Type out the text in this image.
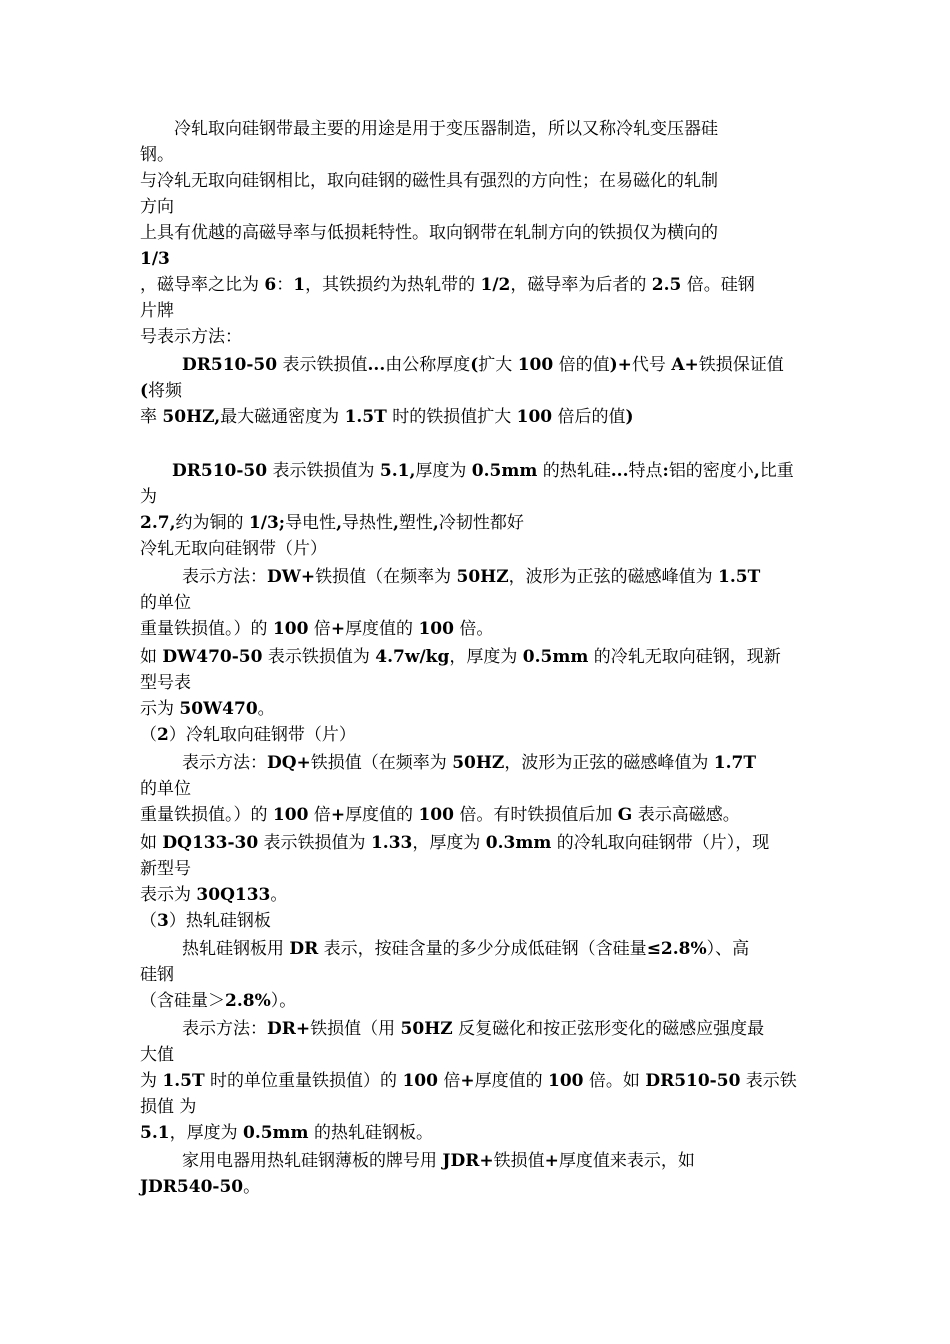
冷轧取向硅钢带最主要的用途是用于变压器制造，所以又称冷轧变压器硅
钢。
与冷轧无取向硅钢相比，取向硅钢的磁性具有强烈的方向性；在易磁化的轧制
方向
上具有优越的高磁导率与低损耗特性。取向钢带在轧制方向的铁损仅为横向的
1/3
，磁导率之比为 6：1，其铁损约为热轧带的 1/2，磁导率为后者的 2.5 倍。硅钢
片牌
号表示方法：
DR510-50 表示铁损值...由公称厚度(扩大 100 倍的值)+代号 A+铁损保证值
(将频
率 50HZ,最大磁通密度为 1.5T 时的铁损值扩大 100 倍后的值)
DR510-50 表示铁损值为 5.1,厚度为 0.5mm 的热轧硅...特点:铝的密度小,比重
为
2.7,约为铜的 1/3;导电性,导热性,塑性,冷韧性都好
冷轧无取向硅钢带（片）
表示方法：DW+铁损值（在频率为 50HZ，波形为正弦的磁感峰值为 1.5T
的单位
重量铁损值。）的 100 倍+厚度值的 100 倍。
如 DW470-50 表示铁损值为 4.7w/kg，厚度为 0.5mm 的冷轧无取向硅钢，现新
型号表
示为 50W470。
（2）冷轧取向硅钢带（片）
表示方法：DQ+铁损值（在频率为 50HZ，波形为正弦的磁感峰值为 1.7T
的单位
重量铁损值。）的 100 倍+厚度值的 100 倍。有时铁损值后加 G 表示高磁感。
如 DQ133-30 表示铁损值为 1.33，厚度为 0.3mm 的冷轧取向硅钢带（片），现
新型号
表示为 30Q133。
（3）热轧硅钢板
热轧硅钢板用 DR 表示，按硅含量的多少分成低硅钢（含硅量≤2.8%）、高
硅钢
（含硅量＞2.8%）。
表示方法：DR+铁损值（用 50HZ 反复磁化和按正弦形变化的磁感应强度最
大值
为 1.5T 时的单位重量铁损值）的 100 倍+厚度值的 100 倍。如 DR510-50 表示铁
损值 为
5.1，厚度为 0.5mm 的热轧硅钢板。
家用电器用热轧硅钢薄板的牌号用 JDR+铁损值+厚度值来表示，如
JDR540-50。
